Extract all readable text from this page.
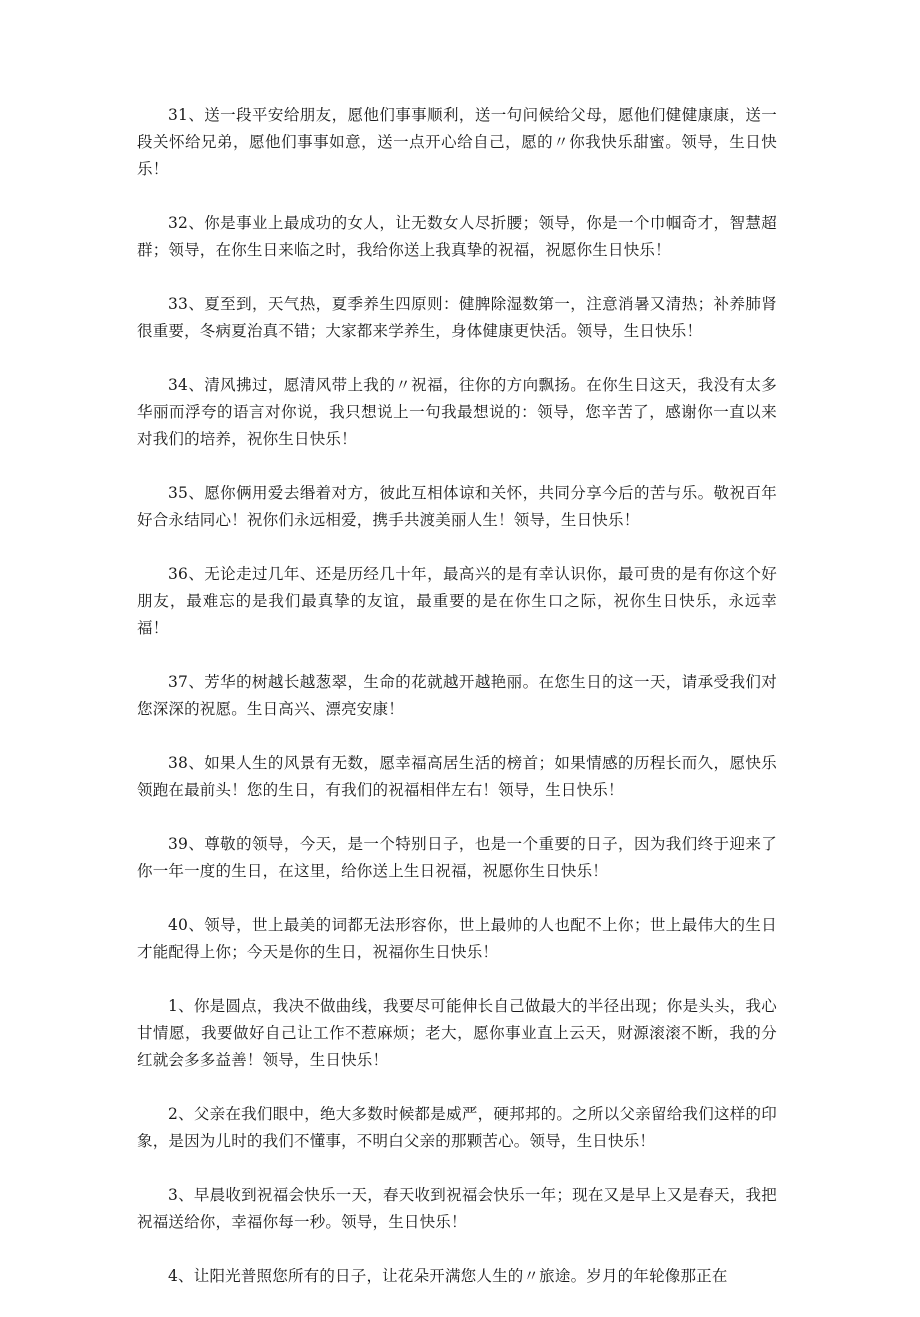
31、送一段平安给朋友，愿他们事事顺利，送一句问候给父母，愿他们健健康康，送一段关怀给兄弟，愿他们事事如意，送一点开心给自己，愿的〃你我快乐甜蜜。领导，生日快乐！

32、你是事业上最成功的女人，让无数女人尽折腰；领导，你是一个巾帼奇才，智慧超群；领导，在你生日来临之时，我给你送上我真挚的祝福，祝愿你生日快乐！

33、夏至到，天气热，夏季养生四原则：健脾除湿数第一，注意消暑又清热；补养肺肾很重要，冬病夏治真不错；大家都来学养生，身体健康更快活。领导，生日快乐！

34、清风拂过，愿清风带上我的〃祝福，往你的方向飘扬。在你生日这天，我没有太多华丽而浮夸的语言对你说，我只想说上一句我最想说的：领导，您辛苦了，感谢你一直以来对我们的培养，祝你生日快乐！

35、愿你俩用爱去缗着对方，彼此互相体谅和关怀，共同分享今后的苦与乐。敬祝百年好合永结同心！祝你们永远相爱，携手共渡美丽人生！领导，生日快乐！

36、无论走过几年、还是历经几十年，最高兴的是有幸认识你，最可贵的是有你这个好朋友，最难忘的是我们最真挚的友谊，最重要的是在你生口之际，祝你生日快乐，永远幸福！

37、芳华的树越长越葱翠，生命的花就越开越艳丽。在您生日的这一天，请承受我们对您深深的祝愿。生日高兴、漂亮安康！

38、如果人生的风景有无数，愿幸福高居生活的榜首；如果情感的历程长而久，愿快乐领跑在最前头！您的生日，有我们的祝福相伴左右！领导，生日快乐！

39、尊敬的领导，今天，是一个特别日子，也是一个重要的日子，因为我们终于迎来了你一年一度的生日，在这里，给你送上生日祝福，祝愿你生日快乐！

40、领导，世上最美的词都无法形容你，世上最帅的人也配不上你；世上最伟大的生日才能配得上你；今天是你的生日，祝福你生日快乐！

1、你是圆点，我决不做曲线，我要尽可能伸长自己做最大的半径出现；你是头头，我心甘情愿，我要做好自己让工作不惹麻烦；老大，愿你事业直上云天，财源滚滚不断，我的分红就会多多益善！领导，生日快乐！

2、父亲在我们眼中，绝大多数时候都是威严，硬邦邦的。之所以父亲留给我们这样的印象，是因为儿时的我们不懂事，不明白父亲的那颗苦心。领导，生日快乐！

3、早晨收到祝福会快乐一天，春天收到祝福会快乐一年；现在又是早上又是春天，我把祝福送给你，幸福你每一秒。领导，生日快乐！

4、让阳光普照您所有的日子，让花朵开满您人生的〃旅途。岁月的年轮像那正在
